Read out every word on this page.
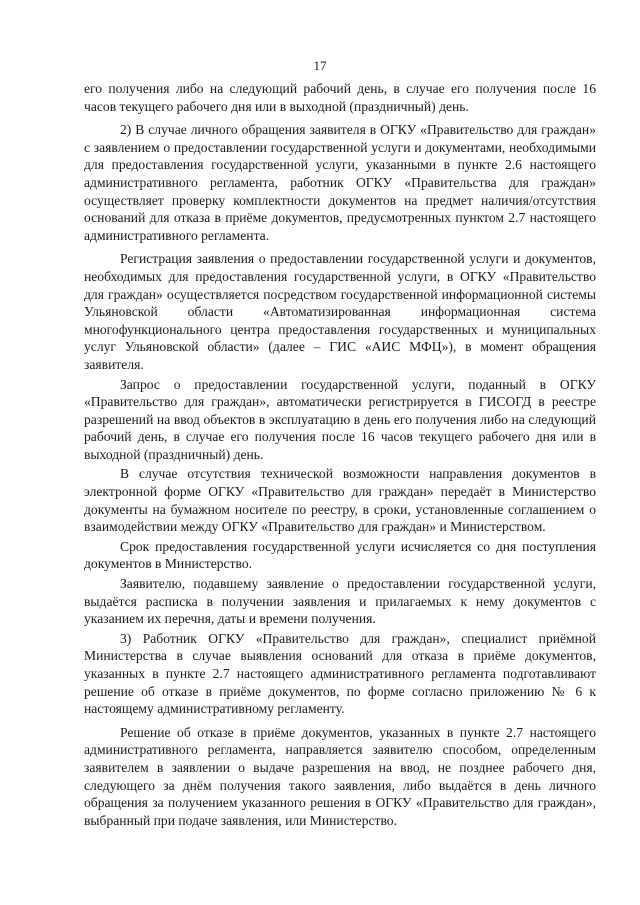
17

его получения либо на следующий рабочий день, в случае его получения после 16 часов текущего рабочего дня или в выходной (праздничный) день.

2) В случае личного обращения заявителя в ОГКУ «Правительство для граждан» с заявлением о предоставлении государственной услуги и документами, необходимыми для предоставления государственной услуги, указанными в пункте 2.6 настоящего административного регламента, работник ОГКУ «Правительства для граждан» осуществляет проверку комплектности документов на предмет наличия/отсутствия оснований для отказа в приёме документов, предусмотренных пунктом 2.7 настоящего административного регламента.

Регистрация заявления о предоставлении государственной услуги и документов, необходимых для предоставления государственной услуги, в ОГКУ «Правительство для граждан» осуществляется посредством государственной информационной системы Ульяновской области «Автоматизированная информационная система многофункционального центра предоставления государственных и муниципальных услуг Ульяновской области» (далее – ГИС «АИС МФЦ»), в момент обращения заявителя.

Запрос о предоставлении государственной услуги, поданный в ОГКУ «Правительство для граждан», автоматически регистрируется в ГИСОГД в реестре разрешений на ввод объектов в эксплуатацию в день его получения либо на следующий рабочий день, в случае его получения после 16 часов текущего рабочего дня или в выходной (праздничный) день.

В случае отсутствия технической возможности направления документов в электронной форме ОГКУ «Правительство для граждан» передаёт в Министерство документы на бумажном носителе по реестру, в сроки, установленные соглашением о взаимодействии между ОГКУ «Правительство для граждан» и Министерством.

Срок предоставления государственной услуги исчисляется со дня поступления документов в Министерство.

Заявителю, подавшему заявление о предоставлении государственной услуги, выдаётся расписка в получении заявления и прилагаемых к нему документов с указанием их перечня, даты и времени получения.

3) Работник ОГКУ «Правительство для граждан», специалист приёмной Министерства в случае выявления оснований для отказа в приёме документов, указанных в пункте 2.7 настоящего административного регламента подготавливают решение об отказе в приёме документов, по форме согласно приложению № 6 к настоящему административному регламенту.

Решение об отказе в приёме документов, указанных в пункте 2.7 настоящего административного регламента, направляется заявителю способом, определенным заявителем в заявлении о выдаче разрешения на ввод, не позднее рабочего дня, следующего за днём получения такого заявления, либо выдаётся в день личного обращения за получением указанного решения в ОГКУ «Правительство для граждан», выбранный при подаче заявления, или Министерство.
